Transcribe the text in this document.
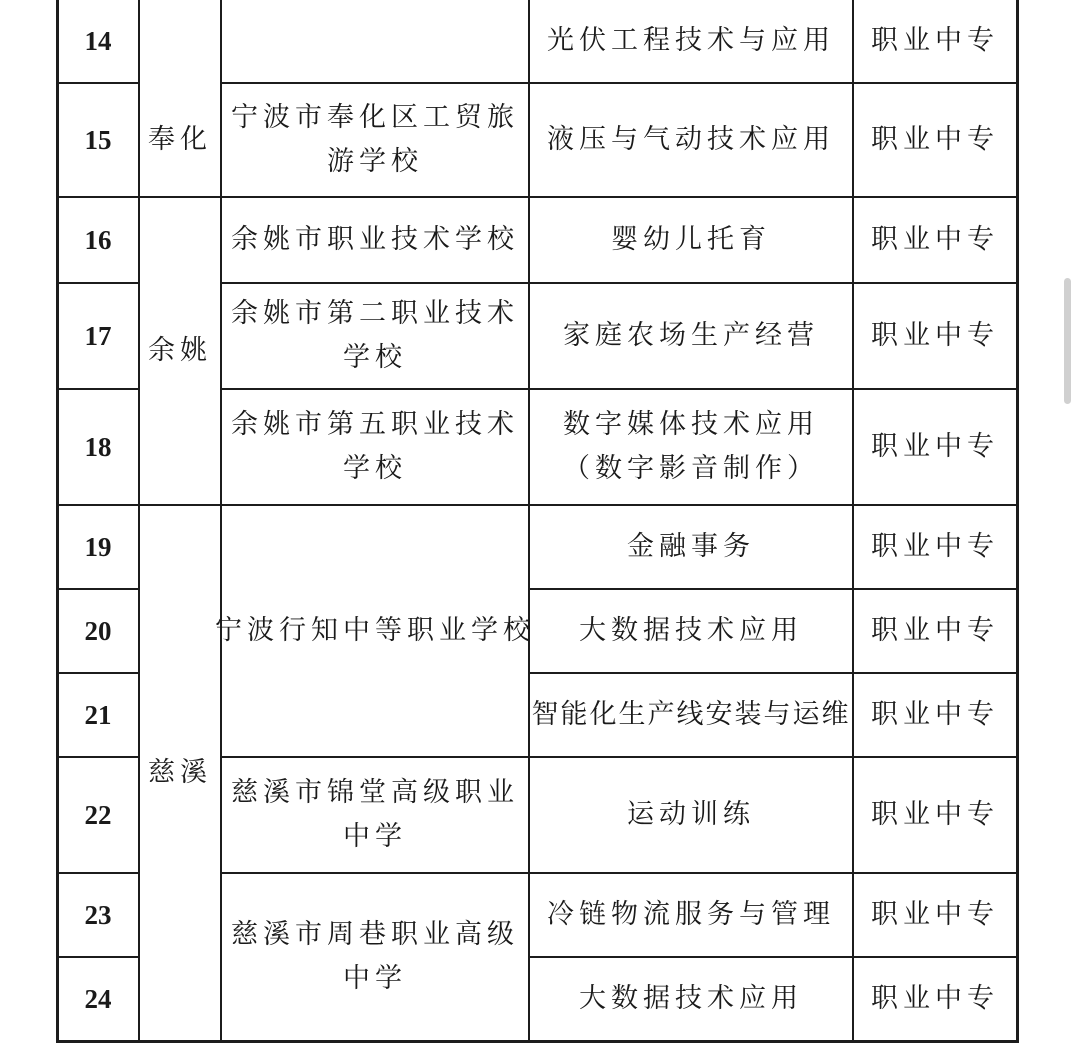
14
15
16
17
18
19
20
21
22
23
24
奉化
余姚
慈溪
宁波市奉化区工贸旅
游学校
余姚市职业技术学校
余姚市第二职业技术
学校
余姚市第五职业技术
学校
宁波行知中等职业学校
慈溪市锦堂高级职业
中学
慈溪市周巷职业高级
中学
光伏工程技术与应用
液压与气动技术应用
婴幼儿托育
家庭农场生产经营
数字媒体技术应用
（数字影音制作）
金融事务
大数据技术应用
智能化生产线安装与运维
运动训练
冷链物流服务与管理
大数据技术应用
职业中专
职业中专
职业中专
职业中专
职业中专
职业中专
职业中专
职业中专
职业中专
职业中专
职业中专
